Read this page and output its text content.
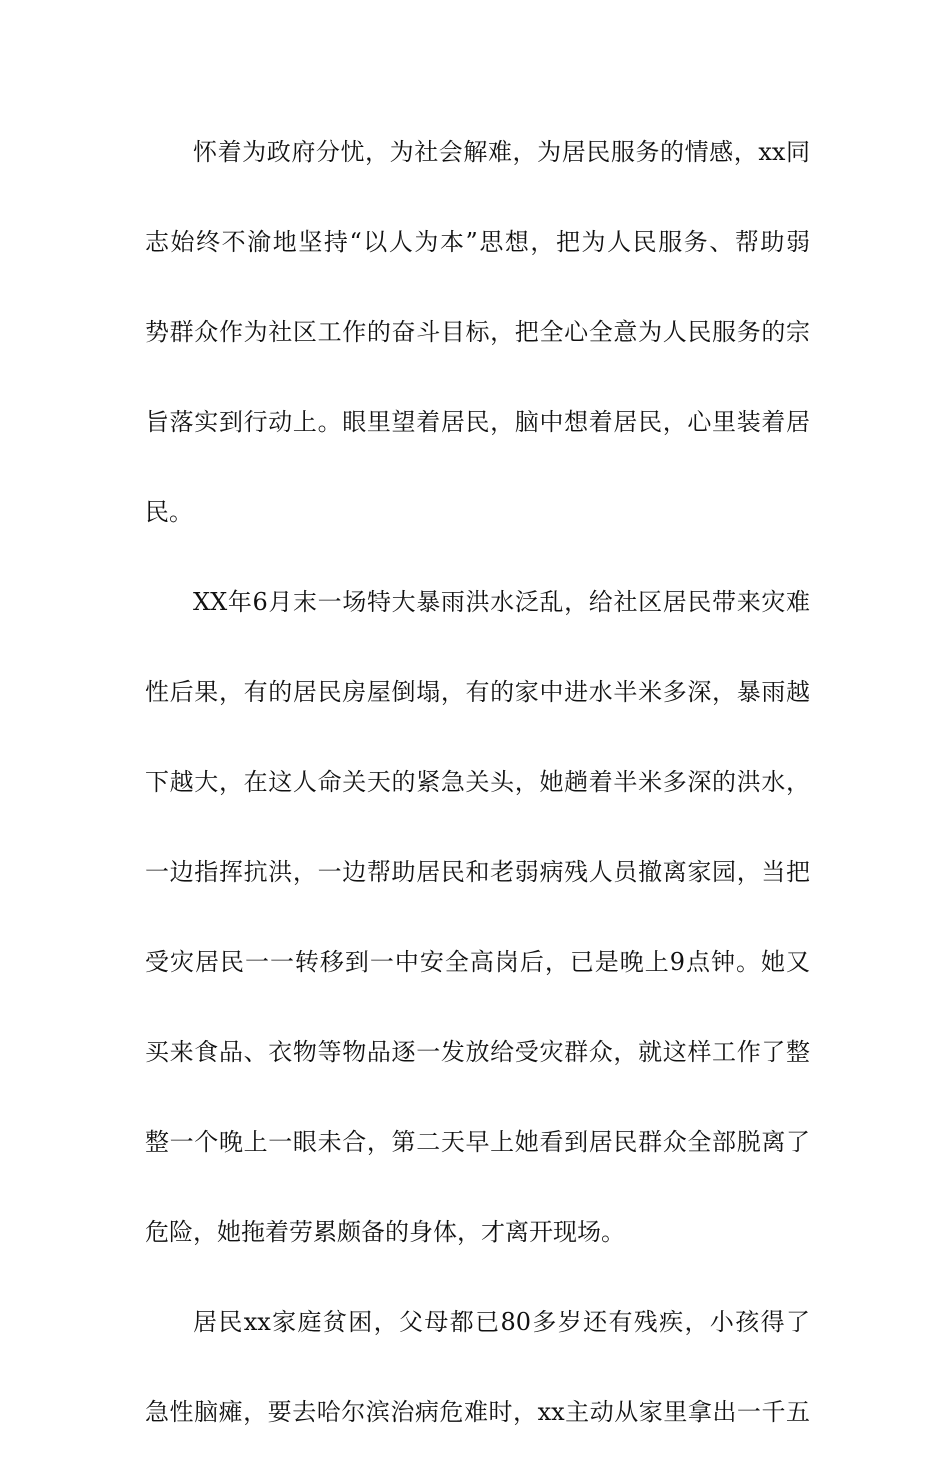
怀着为政府分忧，为社会解难，为居民服务的情感，xx同
志始终不渝地坚持“以人为本”思想，把为人民服务、帮助弱
势群众作为社区工作的奋斗目标，把全心全意为人民服务的宗
旨落实到行动上。眼里望着居民，脑中想着居民，心里装着居
民。
XX年6月末一场特大暴雨洪水泛乱，给社区居民带来灾难
性后果，有的居民房屋倒塌，有的家中进水半米多深，暴雨越
下越大，在这人命关天的紧急关头，她趟着半米多深的洪水，
一边指挥抗洪，一边帮助居民和老弱病残人员撤离家园，当把
受灾居民一一转移到一中安全高岗后，已是晚上9点钟。她又
买来食品、衣物等物品逐一发放给受灾群众，就这样工作了整
整一个晚上一眼未合，第二天早上她看到居民群众全部脱离了
危险，她拖着劳累颇备的身体，才离开现场。
居民xx家庭贫困，父母都已80多岁还有残疾，小孩得了
急性脑瘫，要去哈尔滨治病危难时，xx主动从家里拿出一千五
